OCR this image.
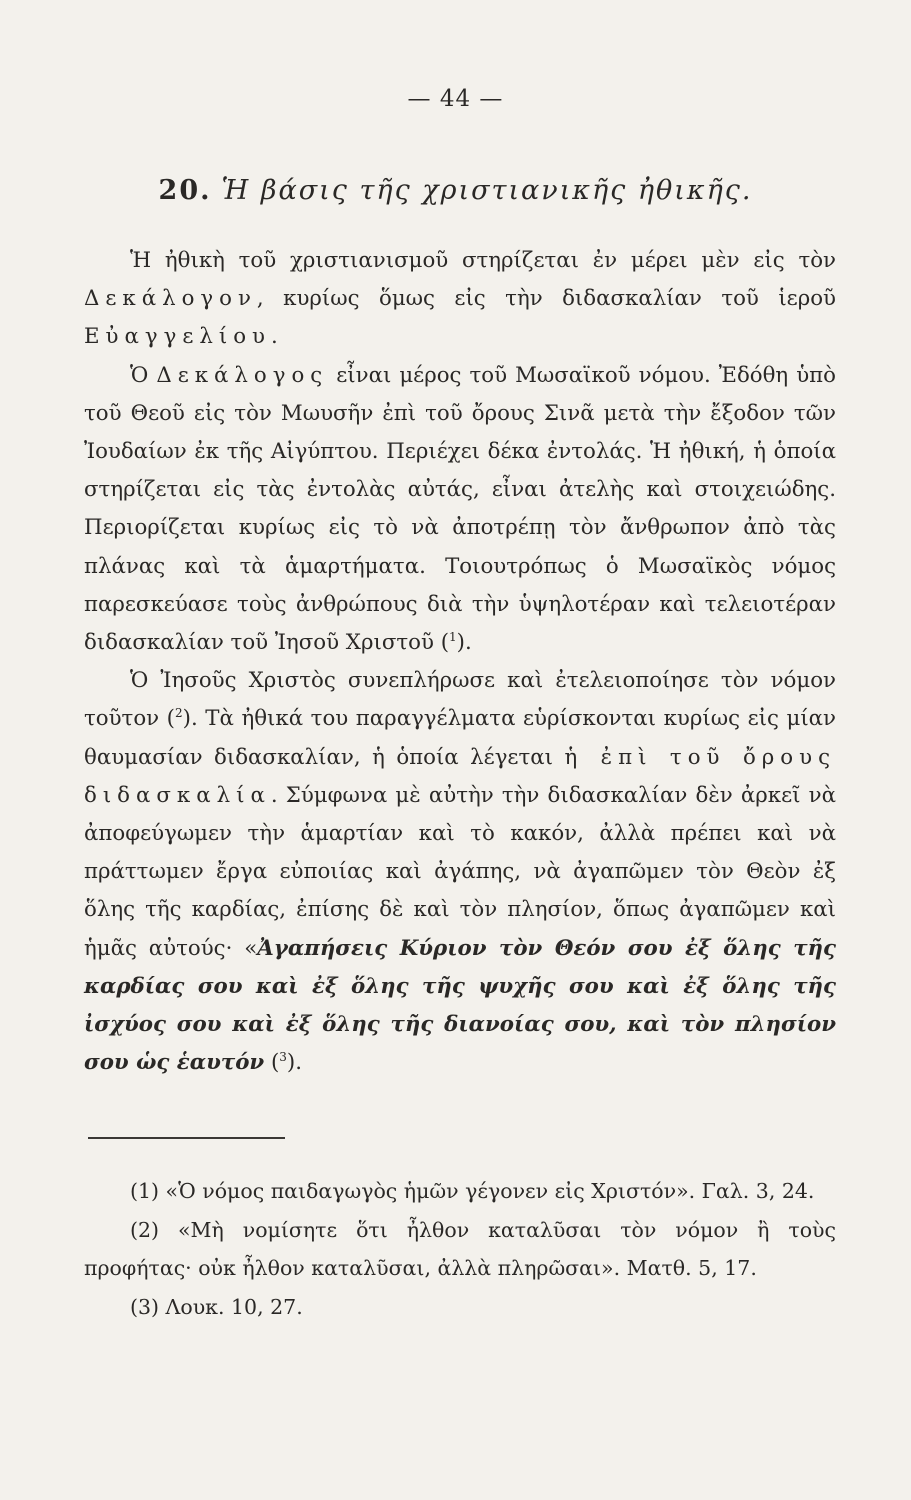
— 44 —
20. Ἡ βάσις τῆς χριστιανικῆς ἠθικῆς.

Ἡ ἠθικὴ τοῦ χριστιανισμοῦ στηρίζεται ἐν μέρει μὲν εἰς τὸν Δεκάλογον, κυρίως ὅμως εἰς τὴν διδασκαλίαν τοῦ ἱεροῦ Εὐαγγελίου.

Ὁ Δεκάλογος εἶναι μέρος τοῦ Μωσαϊκοῦ νόμου. Ἐδόθη ὑπὸ τοῦ Θεοῦ εἰς τὸν Μωυσῆν ἐπὶ τοῦ ὄρους Σινᾶ μετὰ τὴν ἔξοδον τῶν Ἰουδαίων ἐκ τῆς Αἰγύπτου. Περιέχει δέκα ἐντολάς. Ἡ ἠθική, ἡ ὁποία στηρίζεται εἰς τὰς ἐντολὰς αὐτάς, εἶναι ἀτελὴς καὶ στοιχειώδης. Περιορίζεται κυρίως εἰς τὸ νὰ ἀποτρέπῃ τὸν ἄνθρωπον ἀπὸ τὰς πλάνας καὶ τὰ ἁμαρτήματα. Τοιουτρόπως ὁ Μωσαϊκὸς νόμος παρεσκεύασε τοὺς ἀνθρώπους διὰ τὴν ὑψηλοτέραν καὶ τελειοτέραν διδασκαλίαν τοῦ Ἰησοῦ Χριστοῦ ($^1$).

Ὁ Ἰησοῦς Χριστὸς συνεπλήρωσε καὶ ἐτελειοποίησε τὸν νόμον τοῦτον ($^2$). Τὰ ἠθικά του παραγγέλματα εὑρίσκονται κυρίως εἰς μίαν θαυμασίαν διδασκαλίαν, ἡ ὁποία λέγεται ἡ ἐπὶ τοῦ ὄρους διδασκαλία. Σύμφωνα μὲ αὐτὴν τὴν διδασκαλίαν δὲν ἀρκεῖ νὰ ἀποφεύγωμεν τὴν ἁμαρτίαν καὶ τὸ κακόν, ἀλλὰ πρέπει καὶ νὰ πράττωμεν ἔργα εὐποιίας καὶ ἀγάπης, νὰ ἀγαπῶμεν τὸν Θεὸν ἐξ ὅλης τῆς καρδίας, ἐπίσης δὲ καὶ τὸν πλησίον, ὅπως ἀγαπῶμεν καὶ ἡμᾶς αὐτούς· «Ἀγαπήσεις Κύριον τὸν Θεόν σου ἐξ ὅλης τῆς καρδίας σου καὶ ἐξ ὅλης τῆς ψυχῆς σου καὶ ἐξ ὅλης τῆς ἰσχύος σου καὶ ἐξ ὅλης τῆς διανοίας σου, καὶ τὸν πλησίον σου ὡς ἑαυτόν ($^3$).

(1) «Ὁ νόμος παιδαγωγὸς ἡμῶν γέγονεν εἰς Χριστόν». Γαλ. 3, 24.

(2) «Μὴ νομίσητε ὅτι ἦλθον καταλῦσαι τὸν νόμον ἢ τοὺς προφήτας· οὐκ ἦλθον καταλῦσαι, ἀλλὰ πληρῶσαι». Ματθ. 5, 17.

(3) Λουκ. 10, 27.
